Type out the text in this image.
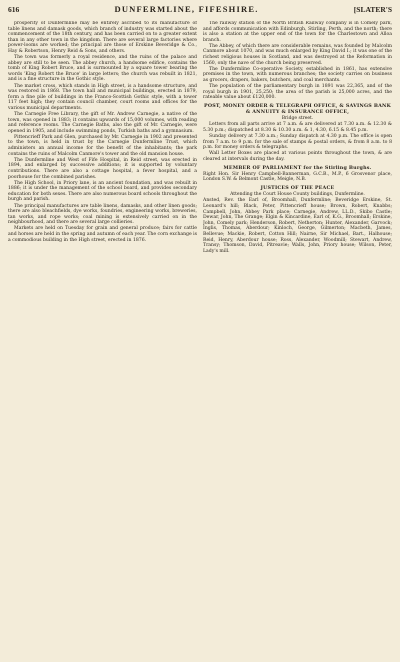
616	DUNFERMLINE, FIFESHIRE.	[SLATER'S

prosperity of Dunfermline may be entirely ascribed to its manufacture of table linens and damask goods, which branch of industry was started about the commencement of the 18th century, and has been carried on to a greater extent than in any other town in the kingdom. There are several large factories where power-looms are worked; the principal are those of Erskine Beveridge & Co., Hay & Robertson, Henry Reid & Sons, and others.

The town was formerly a royal residence, and the ruins of the palace and abbey are still to be seen. The abbey church, a handsome edifice, contains the tomb of King Robert Bruce, and is surmounted by a square tower bearing the words 'King Robert the Bruce' in large letters; the church was rebuilt in 1821, and is a fine structure in the Gothic style.

The market cross, which stands in High street, is a handsome structure, and was restored in 1868. The town hall and municipal buildings, erected in 1879, form a fine pile of buildings in the Franco-Scottish Gothic style, with a tower 117 feet high; they contain council chamber, court rooms and offices for the various municipal departments.

The Carnegie Free Library, the gift of Mr. Andrew Carnegie, a native of the town, was opened in 1883; it contains upwards of 15,000 volumes, with reading and reference rooms. The Carnegie Baths, also the gift of Mr. Carnegie, were opened in 1905, and include swimming ponds, Turkish baths and a gymnasium.

Pittencrieff Park and Glen, purchased by Mr. Carnegie in 1902 and presented to the town, is held in trust by the Carnegie Dunfermline Trust, which administers an annual income for the benefit of the inhabitants; the park contains the ruins of Malcolm Canmore's tower and the old mansion house.

The Dunfermline and West of Fife Hospital, in Reid street, was erected in 1894, and enlarged by successive additions; it is supported by voluntary contributions. There are also a cottage hospital, a fever hospital, and a poorhouse for the combined parishes.

The High School, in Priory lane, is an ancient foundation, and was rebuilt in 1886; it is under the management of the school board, and provides secondary education for both sexes. There are also numerous board schools throughout the burgh and parish.

The principal manufactures are table linens, damasks, and other linen goods; there are also bleachfields, dye works, foundries, engineering works, breweries, tan works, and rope works; coal mining is extensively carried on in the neighbourhood, and there are several large collieries.

Markets are held on Tuesday for grain and general produce; fairs for cattle and horses are held in the spring and autumn of each year. The corn exchange is a commodious building in the High street, erected in 1876.

The railway station of the North British Railway company is in Comely park, and affords communication with Edinburgh, Stirling, Perth, and the north; there is also a station at the upper end of the town for the Charlestown and Alloa branch.

The Abbey, of which there are considerable remains, was founded by Malcolm Canmore about 1070, and was much enlarged by King David I.; it was one of the richest religious houses in Scotland, and was destroyed at the Reformation in 1560, only the nave of the church being preserved.

The Dunfermline Co-operative Society, established in 1861, has extensive premises in the town, with numerous branches; the society carries on business as grocers, drapers, bakers, butchers, and coal merchants.

The population of the parliamentary burgh in 1891 was 22,365, and of the royal burgh in 1901, 25,250; the area of the parish is 25,000 acres, and the rateable value about £120,000.

POST, MONEY ORDER & TELEGRAPH OFFICE, & SAVINGS BANK & ANNUITY & INSURANCE OFFICE,
Bridge street.

Letters from all parts arrive at 7 a.m. & are delivered at 7.30 a.m. & 12.30 & 5.30 p.m.; dispatched at 8.30 & 10.30 a.m. & 1, 4.30, 6.15 & 8.45 p.m.

Sunday delivery at 7.30 a.m.; Sunday dispatch at 4.30 p.m. The office is open from 7 a.m. to 9 p.m. for the sale of stamps & postal orders, & from 8 a.m. to 8 p.m. for money orders & telegraphs.

Wall Letter Boxes are placed at various points throughout the town, & are cleared at intervals during the day.

MEMBER OF PARLIAMENT for the Stirling Burghs.

Right Hon. Sir Henry Campbell-Bannerman, G.C.B., M.P., 6 Grosvenor place, London S.W. & Belmont Castle, Meigle, N.B.

JUSTICES OF THE PEACE
Attending the Court House County buildings, Dunfermline.

Ansted, Rev. the Earl of, Broomhall, Dunfermline; Beveridge Erskine, St. Leonard's hill; Black, Peter, Pittencrieff house; Brown, Robert, Knabbs; Campbell, John, Abbey Park place; Carnegie, Andrew, LL.D., Skibo Castle; Dewar, John, The Grange; Elgin & Kincardine, Earl of, K.G., Broomhall; Erskine, John, Comely park; Henderson, Robert, Netherton; Hunter, Alexander, Garvock; Inglis, Thomas, Aberdour; Kinloch, George, Gilmerton; Macbeth, James, Bellevue; Mackie, Robert, Cotton Hill; Nairne, Sir Michael, Bart., Halhouse; Reid, Henry, Aberdour house; Ross, Alexander, Woodmill; Stewart, Andrew, Transy; Thomson, David, Pitreavie; Walls, John, Priory house; Wilson, Peter, Lady's mill.
